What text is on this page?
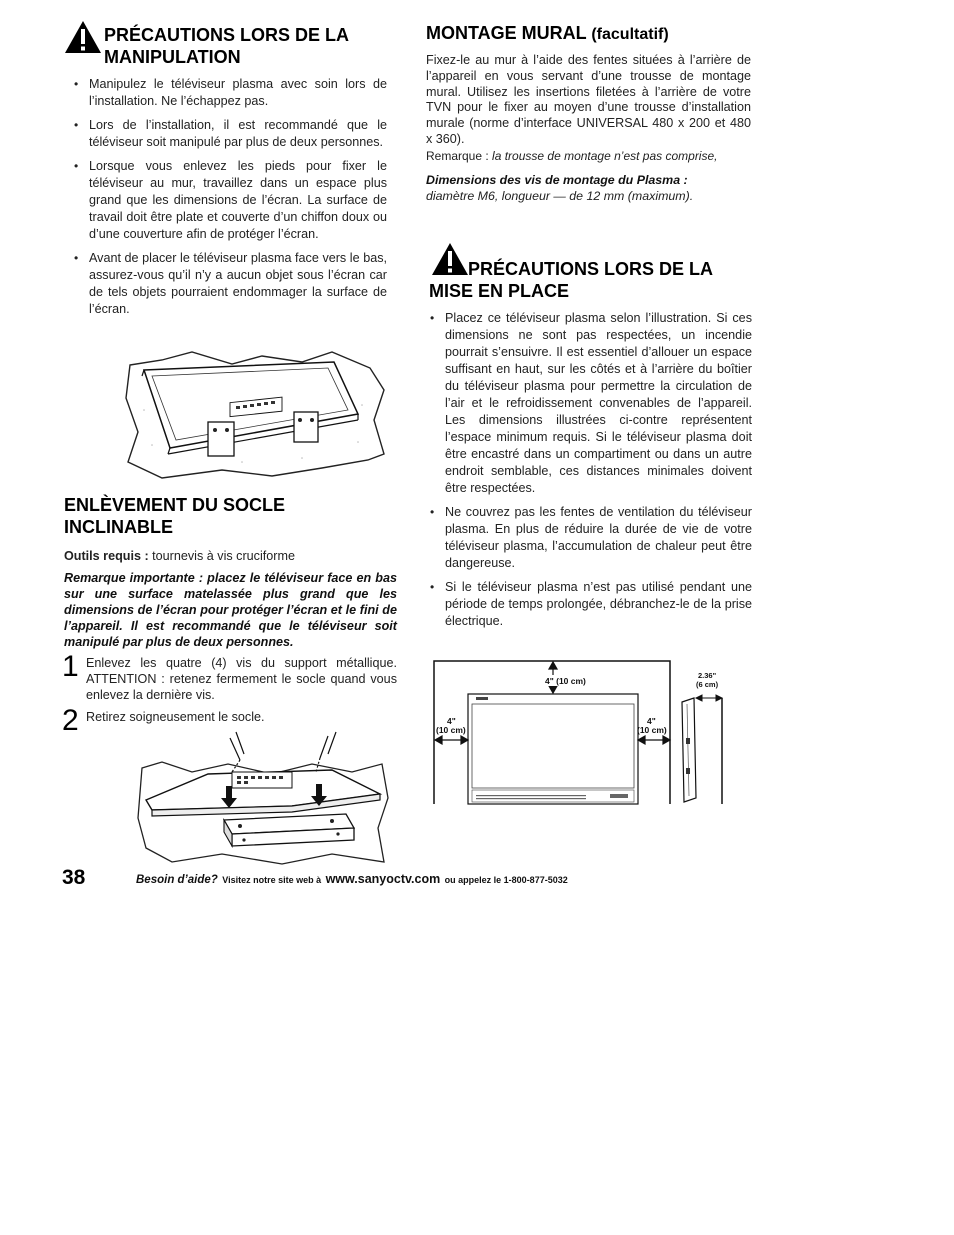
PRÉCAUTIONS LORS DE LA
MANIPULATION
• Manipulez le téléviseur plasma avec soin lors de l’installation. Ne l’échappez pas.
• Lors de l’installation, il est recommandé que le téléviseur soit manipulé par plus de deux personnes.
• Lorsque vous enlevez les pieds pour fixer le téléviseur au mur, travaillez dans un espace plus grand que les dimensions de l’écran. La surface de travail doit être plate et couverte d’un chiffon doux ou d’une couverture afin de protéger l’écran.
• Avant de placer le téléviseur plasma face vers le bas, assurez-vous qu’il n’y a aucun objet sous l’écran car de tels objets pourraient endommager la surface de l’écran.
ENLÈVEMENT DU SOCLE
INCLINABLE
Outils requis : tournevis à vis cruciforme
Remarque importante : placez le téléviseur face en bas sur une surface matelassée plus grand que les dimensions de l’écran pour protéger l’écran et le fini de l’appareil. Il est recommandé que le téléviseur soit manipulé par plus de deux personnes.
1 Enlevez les quatre (4) vis du support métallique. ATTENTION : retenez fermement le socle quand vous enlevez la dernière vis.
2 Retirez soigneusement le socle.
MONTAGE MURAL (facultatif)
Fixez-le au mur à l’aide des fentes situées à l’arrière de l’appareil en vous servant d’une trousse de montage mural. Utilisez les insertions filetées à l’arrière de votre TVN pour le fixer au moyen d’une trousse d’installation murale (norme d’interface UNIVERSAL 480 x 200 et 480 x 360).
Remarque : la trousse de montage n’est pas comprise,
Dimensions des vis de montage du Plasma :
diamètre M6, longueur — de 12 mm (maximum).
PRÉCAUTIONS LORS DE LA
MISE EN PLACE
• Placez ce téléviseur plasma selon l’illustration. Si ces dimensions ne sont pas respectées, un incendie pourrait s’ensuivre. Il est essentiel d’allouer un espace suffisant en haut, sur les côtés et à l’arrière du boîtier du téléviseur plasma pour permettre la circulation de l’air et le refroidissement convenables de l’appareil. Les dimensions illustrées ci-contre représentent l’espace minimum requis. Si le téléviseur plasma doit être encastré dans un compartiment ou dans un autre endroit semblable, ces distances minimales doivent être respectées.
• Ne couvrez pas les fentes de ventilation du téléviseur plasma. En plus de réduire la durée de vie de votre téléviseur plasma, l’accumulation de chaleur peut être dangereuse.
• Si le téléviseur plasma n’est pas utilisé pendant une période de temps prolongée, débranchez-le de la prise électrique.
4" (10 cm)
4"
(10 cm)
4"
(10 cm)
2.36"
(6 cm)
38	Besoin d’aide? Visitez notre site web à www.sanyoctv.com ou appelez le 1-800-877-5032
